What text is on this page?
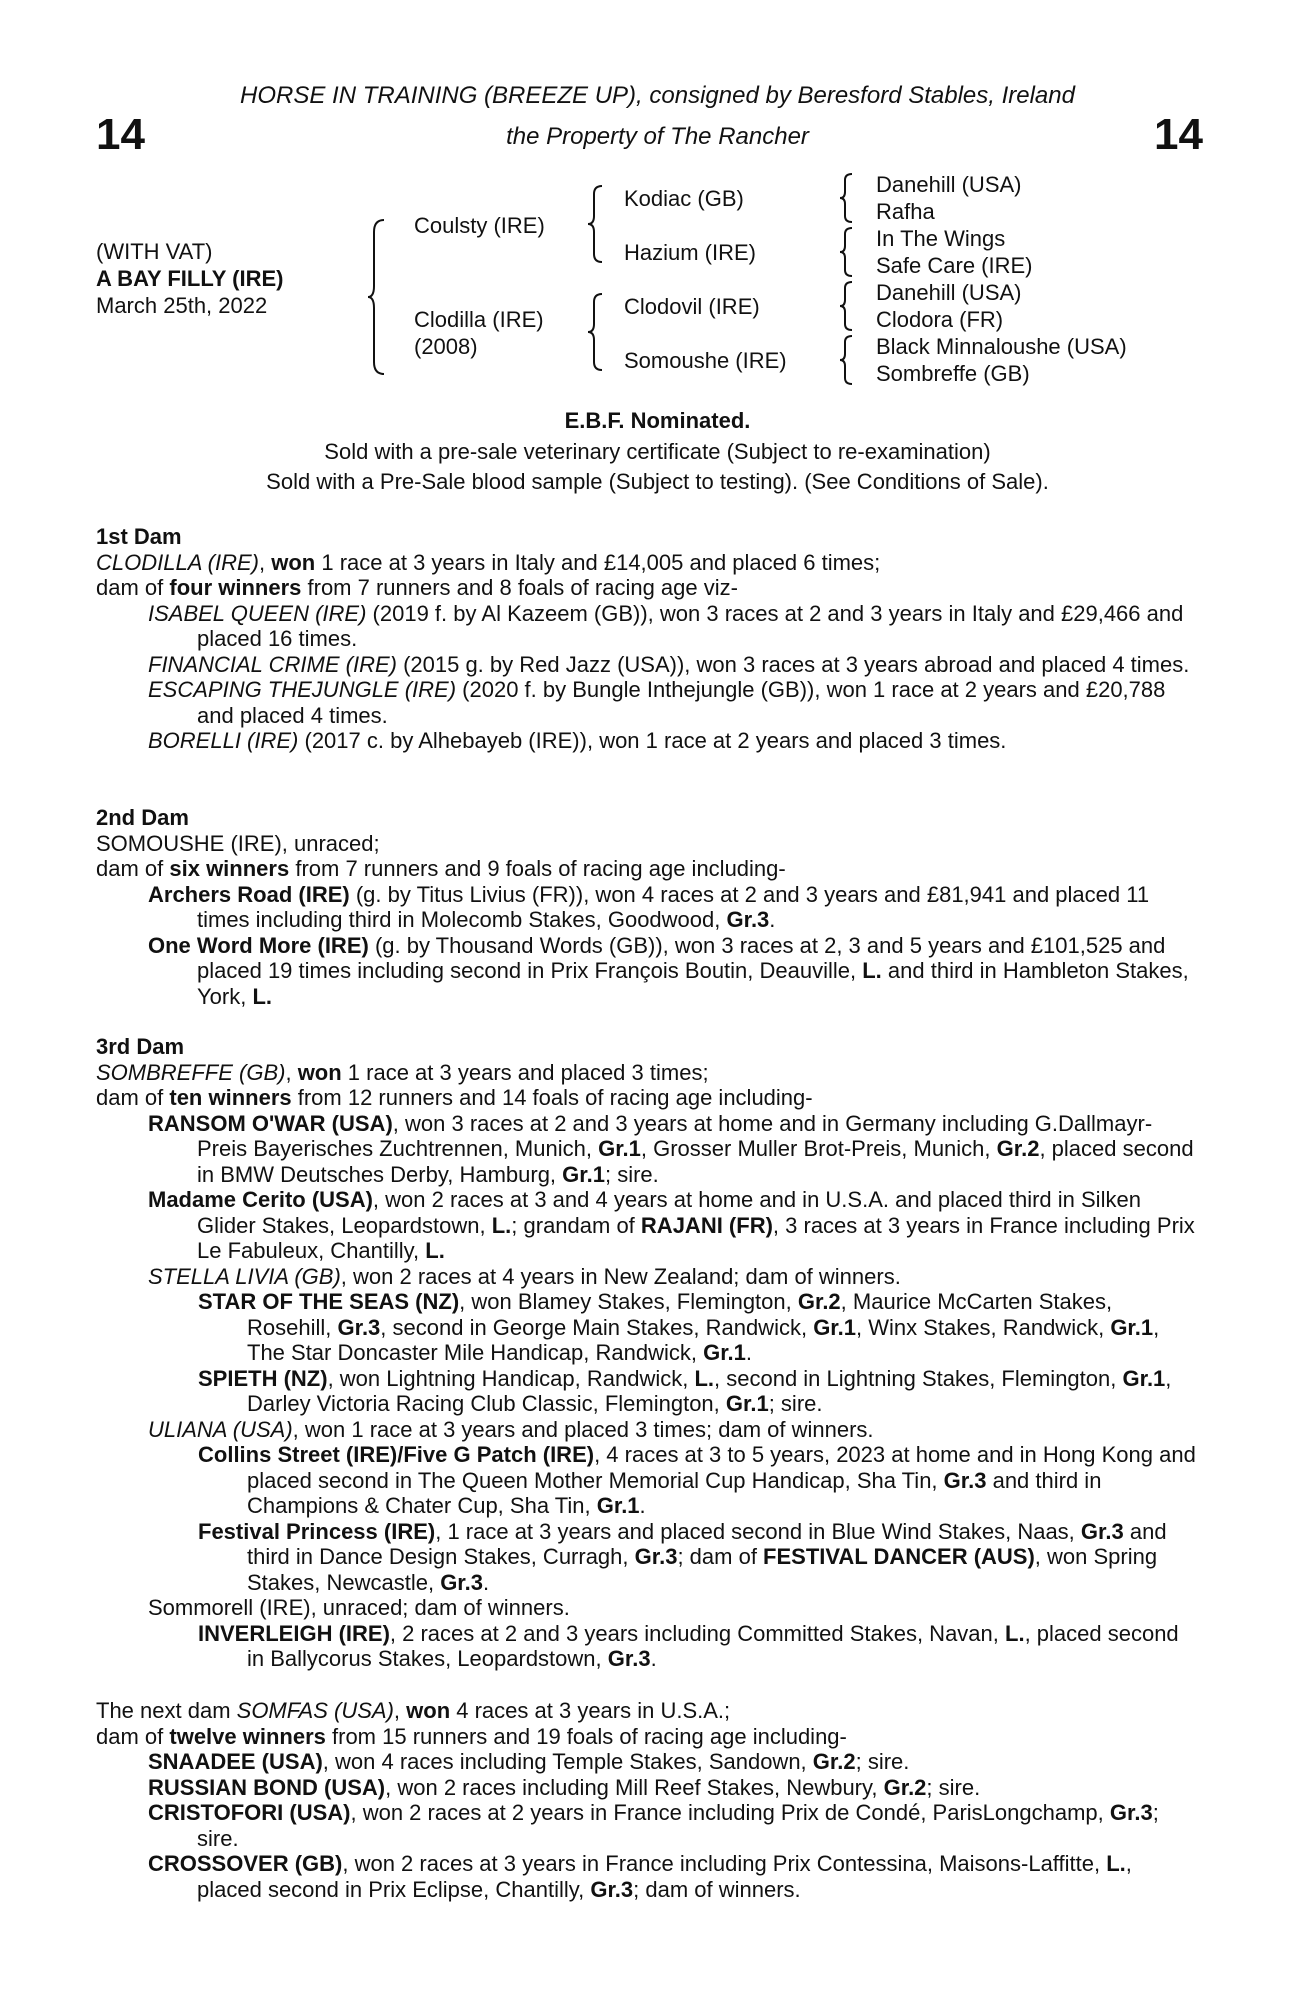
14	14
HORSE IN TRAINING (BREEZE UP), consigned by Beresford Stables, Ireland
the Property of The Rancher
(WITH VAT)
A BAY FILLY (IRE)
March 25th, 2022
Coulsty (IRE)
Clodilla (IRE)
(2008)
Kodiac (GB)
Hazium (IRE)
Clodovil (IRE)
Somoushe (IRE)
Danehill (USA)
Rafha
In The Wings
Safe Care (IRE)
Danehill (USA)
Clodora (FR)
Black Minnaloushe (USA)
Sombreffe (GB)
E.B.F. Nominated.
Sold with a pre-sale veterinary certificate (Subject to re-examination)
Sold with a Pre-Sale blood sample (Subject to testing). (See Conditions of Sale).

1st Dam

CLODILLA (IRE), won 1 race at 3 years in Italy and £14,005 and placed 6 times;

dam of four winners from 7 runners and 8 foals of racing age viz-

ISABEL QUEEN (IRE) (2019 f. by Al Kazeem (GB)), won 3 races at 2 and 3 years in Italy and £29,466 and placed 16 times.

FINANCIAL CRIME (IRE) (2015 g. by Red Jazz (USA)), won 3 races at 3 years abroad and placed 4 times.

ESCAPING THEJUNGLE (IRE) (2020 f. by Bungle Inthejungle (GB)), won 1 race at 2 years and £20,788 and placed 4 times.

BORELLI (IRE) (2017 c. by Alhebayeb (IRE)), won 1 race at 2 years and placed 3 times.

2nd Dam

SOMOUSHE (IRE), unraced;

dam of six winners from 7 runners and 9 foals of racing age including-

Archers Road (IRE) (g. by Titus Livius (FR)), won 4 races at 2 and 3 years and £81,941 and placed 11 times including third in Molecomb Stakes, Goodwood, Gr.3.

One Word More (IRE) (g. by Thousand Words (GB)), won 3 races at 2, 3 and 5 years and £101,525 and placed 19 times including second in Prix François Boutin, Deauville, L. and third in Hambleton Stakes, York, L.

3rd Dam

SOMBREFFE (GB), won 1 race at 3 years and placed 3 times;

dam of ten winners from 12 runners and 14 foals of racing age including-

RANSOM O'WAR (USA), won 3 races at 2 and 3 years at home and in Germany including G.Dallmayr-Preis Bayerisches Zuchtrennen, Munich, Gr.1, Grosser Muller Brot-Preis, Munich, Gr.2, placed second in BMW Deutsches Derby, Hamburg, Gr.1; sire.

Madame Cerito (USA), won 2 races at 3 and 4 years at home and in U.S.A. and placed third in Silken Glider Stakes, Leopardstown, L.; grandam of RAJANI (FR), 3 races at 3 years in France including Prix Le Fabuleux, Chantilly, L.

STELLA LIVIA (GB), won 2 races at 4 years in New Zealand; dam of winners.

STAR OF THE SEAS (NZ), won Blamey Stakes, Flemington, Gr.2, Maurice McCarten Stakes, Rosehill, Gr.3, second in George Main Stakes, Randwick, Gr.1, Winx Stakes, Randwick, Gr.1, The Star Doncaster Mile Handicap, Randwick, Gr.1.

SPIETH (NZ), won Lightning Handicap, Randwick, L., second in Lightning Stakes, Flemington, Gr.1, Darley Victoria Racing Club Classic, Flemington, Gr.1; sire.

ULIANA (USA), won 1 race at 3 years and placed 3 times; dam of winners.

Collins Street (IRE)/Five G Patch (IRE), 4 races at 3 to 5 years, 2023 at home and in Hong Kong and placed second in The Queen Mother Memorial Cup Handicap, Sha Tin, Gr.3 and third in Champions & Chater Cup, Sha Tin, Gr.1.

Festival Princess (IRE), 1 race at 3 years and placed second in Blue Wind Stakes, Naas, Gr.3 and third in Dance Design Stakes, Curragh, Gr.3; dam of FESTIVAL DANCER (AUS), won Spring Stakes, Newcastle, Gr.3.

Sommorell (IRE), unraced; dam of winners.

INVERLEIGH (IRE), 2 races at 2 and 3 years including Committed Stakes, Navan, L., placed second in Ballycorus Stakes, Leopardstown, Gr.3.

The next dam SOMFAS (USA), won 4 races at 3 years in U.S.A.;

dam of twelve winners from 15 runners and 19 foals of racing age including-

SNAADEE (USA), won 4 races including Temple Stakes, Sandown, Gr.2; sire.

RUSSIAN BOND (USA), won 2 races including Mill Reef Stakes, Newbury, Gr.2; sire.

CRISTOFORI (USA), won 2 races at 2 years in France including Prix de Condé, ParisLongchamp, Gr.3; sire.

CROSSOVER (GB), won 2 races at 3 years in France including Prix Contessina, Maisons-Laffitte, L., placed second in Prix Eclipse, Chantilly, Gr.3; dam of winners.
